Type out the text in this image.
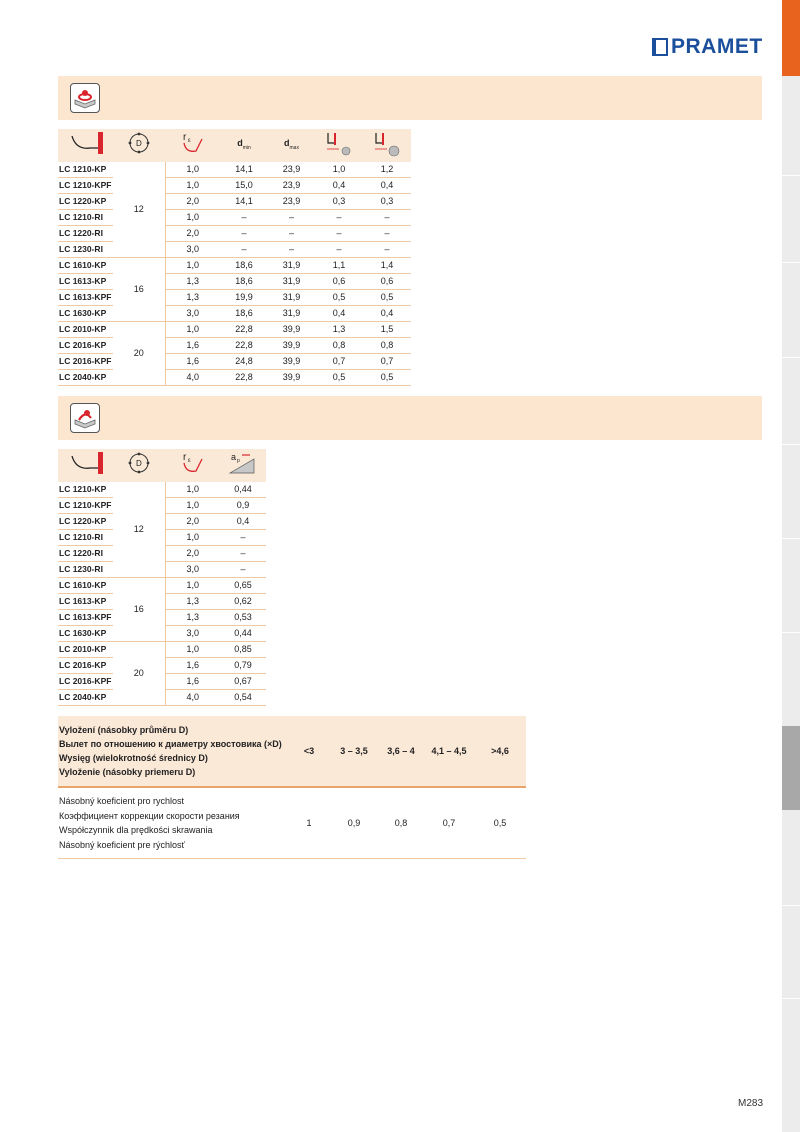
PRAMET

D	r ε	$d_{min}$	$d_{max}$		
LC 1210-KP	12	1,0	14,1	23,9	1,0	1,2
LC 1210-KPF		1,0	15,0	23,9	0,4	0,4
LC 1220-KP		2,0	14,1	23,9	0,3	0,3
LC 1210-RI		1,0	–	–	–	–
LC 1220-RI		2,0	–	–	–	–
LC 1230-RI		3,0	–	–	–	–
LC 1610-KP	16	1,0	18,6	31,9	1,1	1,4
LC 1613-KP		1,3	18,6	31,9	0,6	0,6
LC 1613-KPF		1,3	19,9	31,9	0,5	0,5
LC 1630-KP		3,0	18,6	31,9	0,4	0,4
LC 2010-KP	20	1,0	22,8	39,9	1,3	1,5
LC 2016-KP		1,6	22,8	39,9	0,8	0,8
LC 2016-KPF		1,6	24,8	39,9	0,7	0,7
LC 2040-KP		4,0	22,8	39,9	0,5	0,5

D	r ε	a p

LC 1210-KP	12	1,0	0,44
LC 1210-KPF		1,0	0,9
LC 1220-KP		2,0	0,4
LC 1210-RI		1,0	–
LC 1220-RI		2,0	–
LC 1230-RI		3,0	–
LC 1610-KP	16	1,0	0,65
LC 1613-KP		1,3	0,62
LC 1613-KPF		1,3	0,53
LC 1630-KP		3,0	0,44
LC 2010-KP	20	1,0	0,85
LC 2016-KP		1,6	0,79
LC 2016-KPF		1,6	0,67
LC 2040-KP		4,0	0,54
Vyložení (násobky průměru D)
Вылет по отношению к диаметру хвостовика (×D)
Wysięg (wielokrotność średnicy D)
Vyloženie (násobky priemeru D)	<3	3 – 3,5	3,6 – 4	4,1 – 4,5	>4,6

Násobný koeficient pro rychlost
Коэффициент коррекции скорости резания
Współczynnik dla prędkości skrawania
Násobný koeficient pre rýchlosť	1	0,9	0,8	0,7	0,5
M283
